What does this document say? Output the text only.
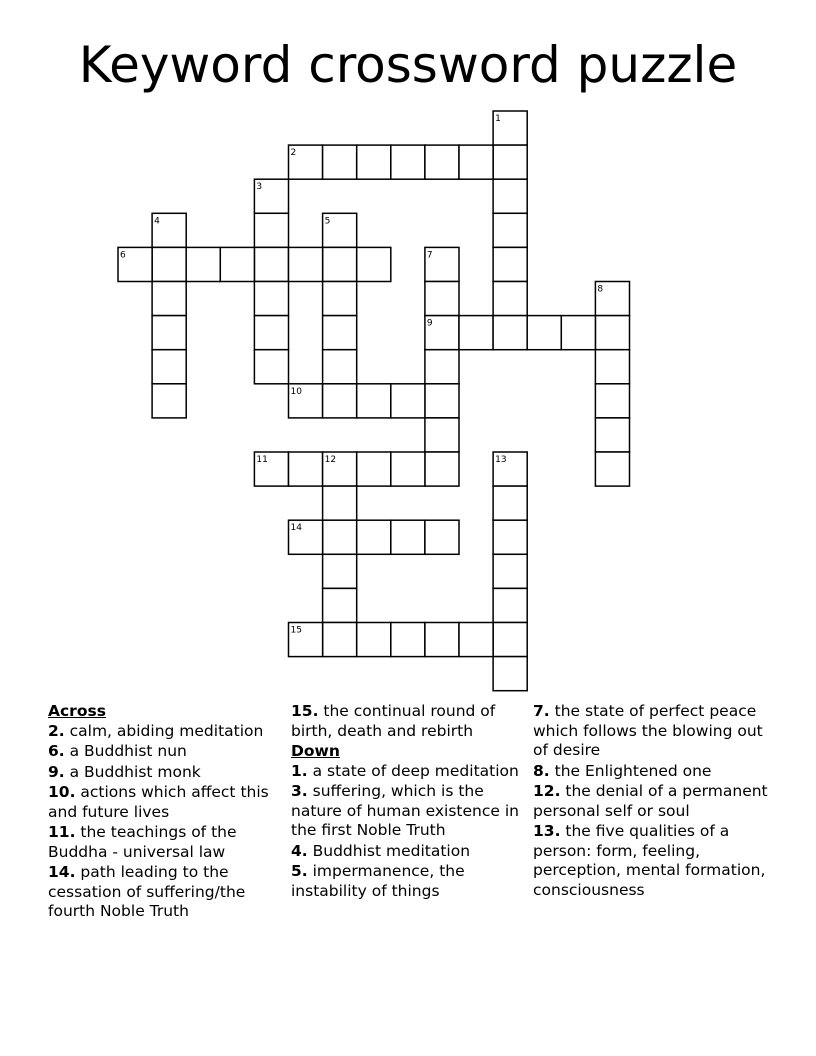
Keyword crossword puzzle
1
2
3
4	5
6	7
8
9
10
11	12	13
14
15
Across
2. calm, abiding meditation
6. a Buddhist nun
9. a Buddhist monk
10. actions which affect this and future lives
11. the teachings of the Buddha - universal law
14. path leading to the cessation of suffering/the fourth Noble Truth
15. the continual round of birth, death and rebirth
Down
1. a state of deep meditation
3. suffering, which is the nature of human existence in the first Noble Truth
4. Buddhist meditation
5. impermanence, the instability of things
7. the state of perfect peace which follows the blowing out of desire
8. the Enlightened one
12. the denial of a permanent personal self or soul
13. the five qualities of a person: form, feeling, perception, mental formation, consciousness
